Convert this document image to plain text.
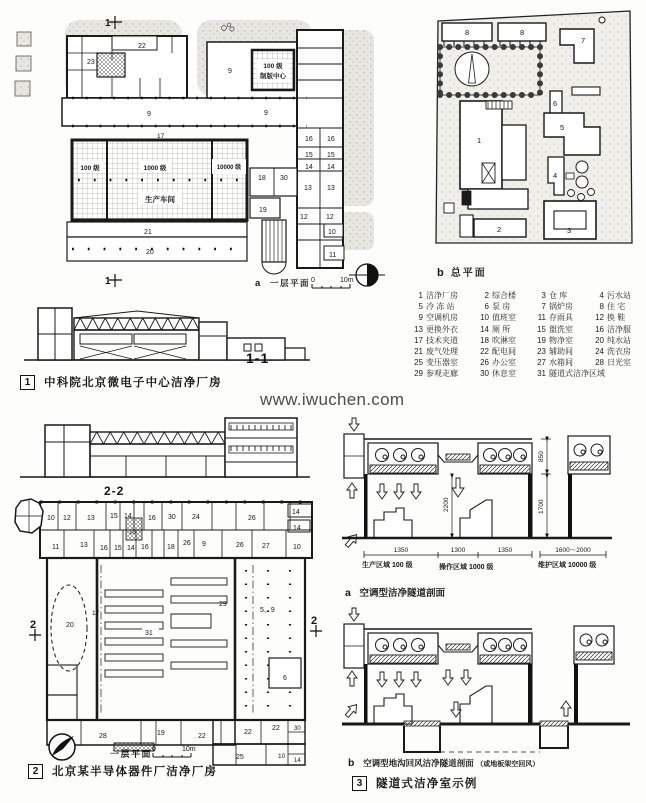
22
23
9
9	9
100 级
制版中心
16 16
15 15
14 14
13 13
12	12
10
11
100 级	1000 级	10000 级
生产车间
17
18 30
19
21
20
1
1	a 一层平面 0	10m
8	8
7
6
5
4
1
3
2
b 总平面
1 洁净厂房	2 综合楼	3 仓 库	4 污水站
5 冷 冻 站	6 泵 房	7 锅炉房	8 住 宅
9 空调机房	10 值班室	11 存雨具	12 换 鞋
13 更换外衣	14 厕 所	15 盥洗室	16 洁净服
17 技术夹道	18 吹淋室	19 物净室	20 纯水站
21 废气处理	22 配电间	23 辅助间	24 洗衣房
25 变压器室	26 办公室	27 水箱间	28 日光室
29 参观走廊	30 休息室	31 隧道式洁净区域
1-1
1	中科院北京微电子中心洁净厂房
www.iwuchen.com
2-2
10 12 13 15 14 16 30 24	26
14
14
18
11	13 16 15 14 16	18
26 9	26	27	10
20
17
31
29
5、9
6
28	19	22
22
22
25
30
10
14
2	2
一层平面 0	10m
2	北京某半导体器件厂洁净厂房
2200
850
1700
1350	1300	1350	1600～2000
生产区域 100 级	操作区域 1000 级	维护区域 10000 级
a 空调型洁净隧道剖面
b 空调型地沟回风洁净隧道剖面 （或地板架空回风）
3	隧道式洁净室示例
